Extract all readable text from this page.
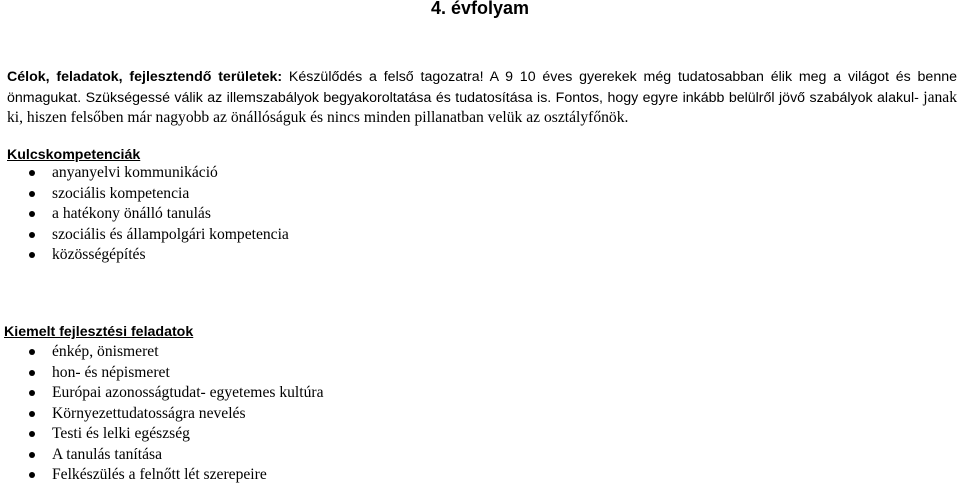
4. évfolyam
Célok, feladatok, fejlesztendő területek: Készülődés a felső tagozatra! A 9 10 éves gyerekek még tudatosabban élik meg a világot és benne önmagukat. Szükségessé válik az illemszabályok begyakoroltatása és tudatosítása is. Fontos, hogy egyre inkább belülről jövő szabályok alakul- janak ki, hiszen felsőben már nagyobb az önállóságuk és nincs minden pillanatban velük az osztályfőnök.
Kulcskompetenciák
anyanyelvi kommunikáció
szociális kompetencia
a hatékony önálló tanulás
szociális és állampolgári kompetencia
közösségépítés
Kiemelt fejlesztési feladatok
énkép, önismeret
hon- és népismeret
Európai azonosságtudat- egyetemes kultúra
Környezettudatosságra nevelés
Testi és lelki egészség
A tanulás tanítása
Felkészülés a felnőtt lét szerepeire
